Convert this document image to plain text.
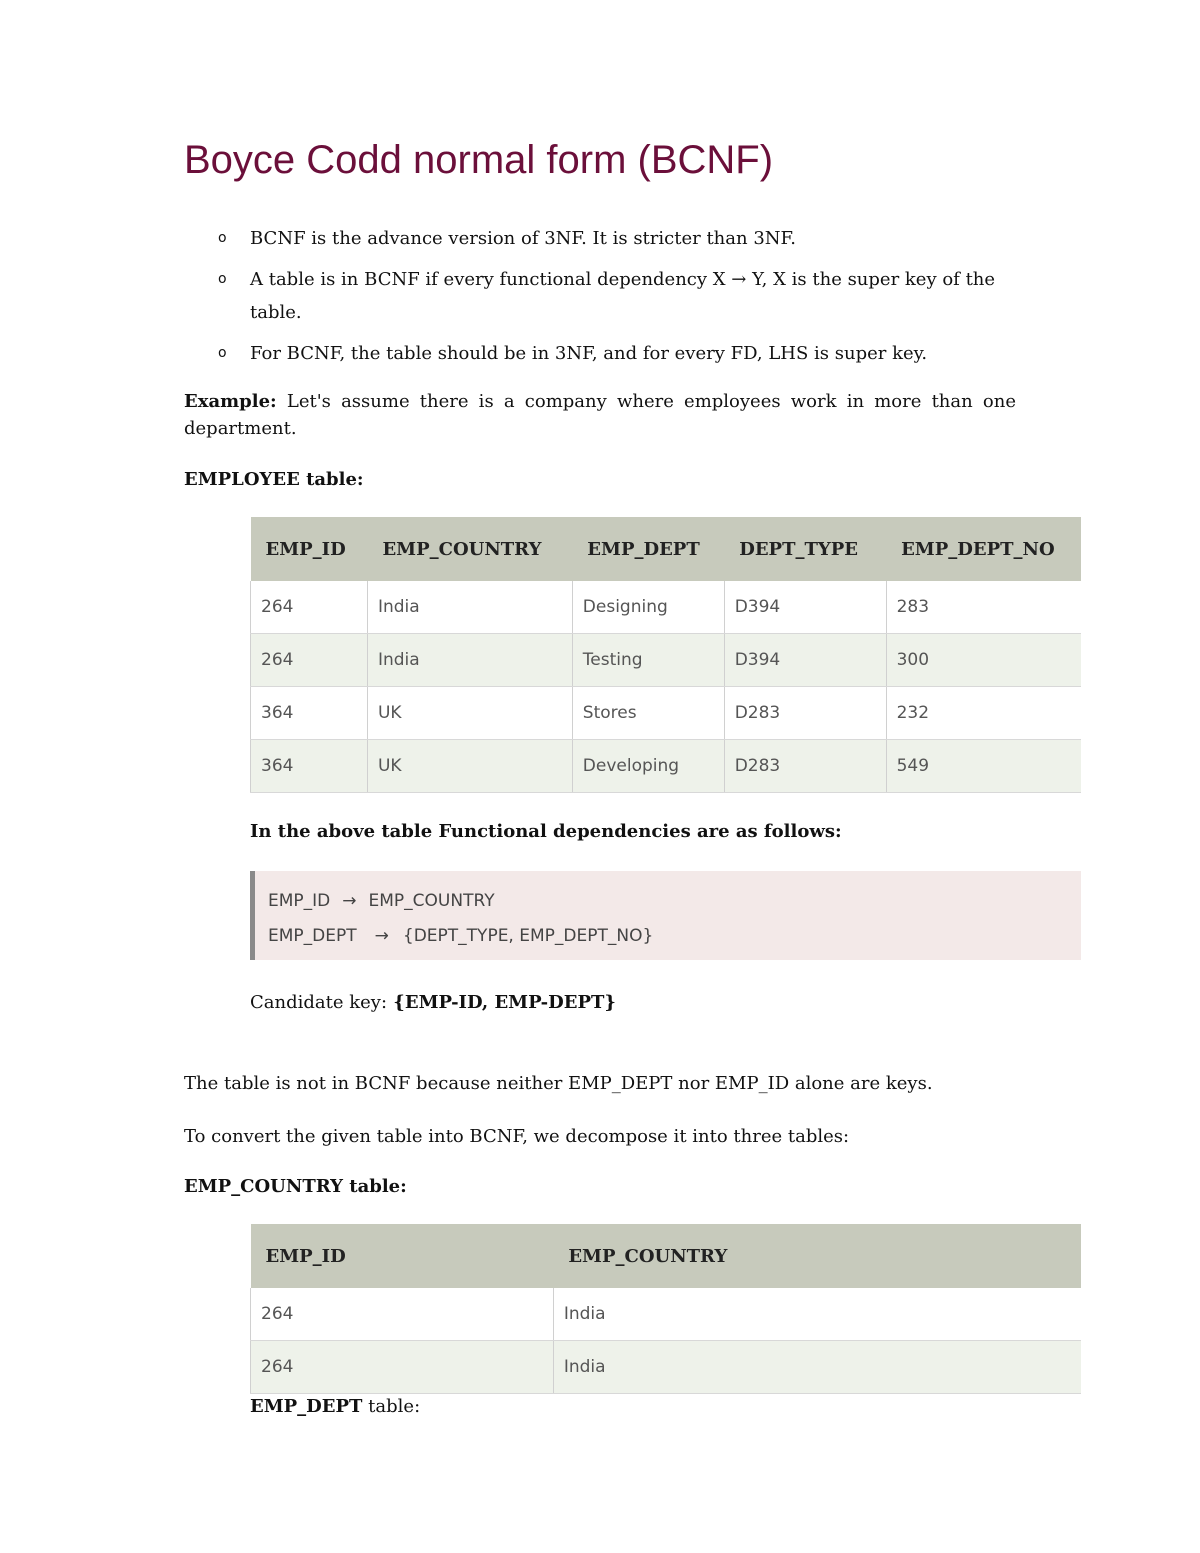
Boyce Codd normal form (BCNF)
o BCNF is the advance version of 3NF. It is stricter than 3NF.
o A table is in BCNF if every functional dependency X → Y, X is the super key of the table.
o For BCNF, the table should be in 3NF, and for every FD, LHS is super key.

Example: Let's assume there is a company where employees work in more than one department.

EMPLOYEE table:

EMP_ID	EMP_COUNTRY	EMP_DEPT	DEPT_TYPE	EMP_DEPT_NO
264	India	Designing	D394	283
264	India	Testing	D394	300
364	UK	Stores	D283	232
364	UK	Developing	D283	549

In the above table Functional dependencies are as follows:

EMP_ID → EMP_COUNTRY
EMP_DEPT → {DEPT_TYPE, EMP_DEPT_NO}

Candidate key: {EMP-ID, EMP-DEPT}

The table is not in BCNF because neither EMP_DEPT nor EMP_ID alone are keys.

To convert the given table into BCNF, we decompose it into three tables:

EMP_COUNTRY table:

EMP_ID	EMP_COUNTRY
264	India
264	India

EMP_DEPT table:
